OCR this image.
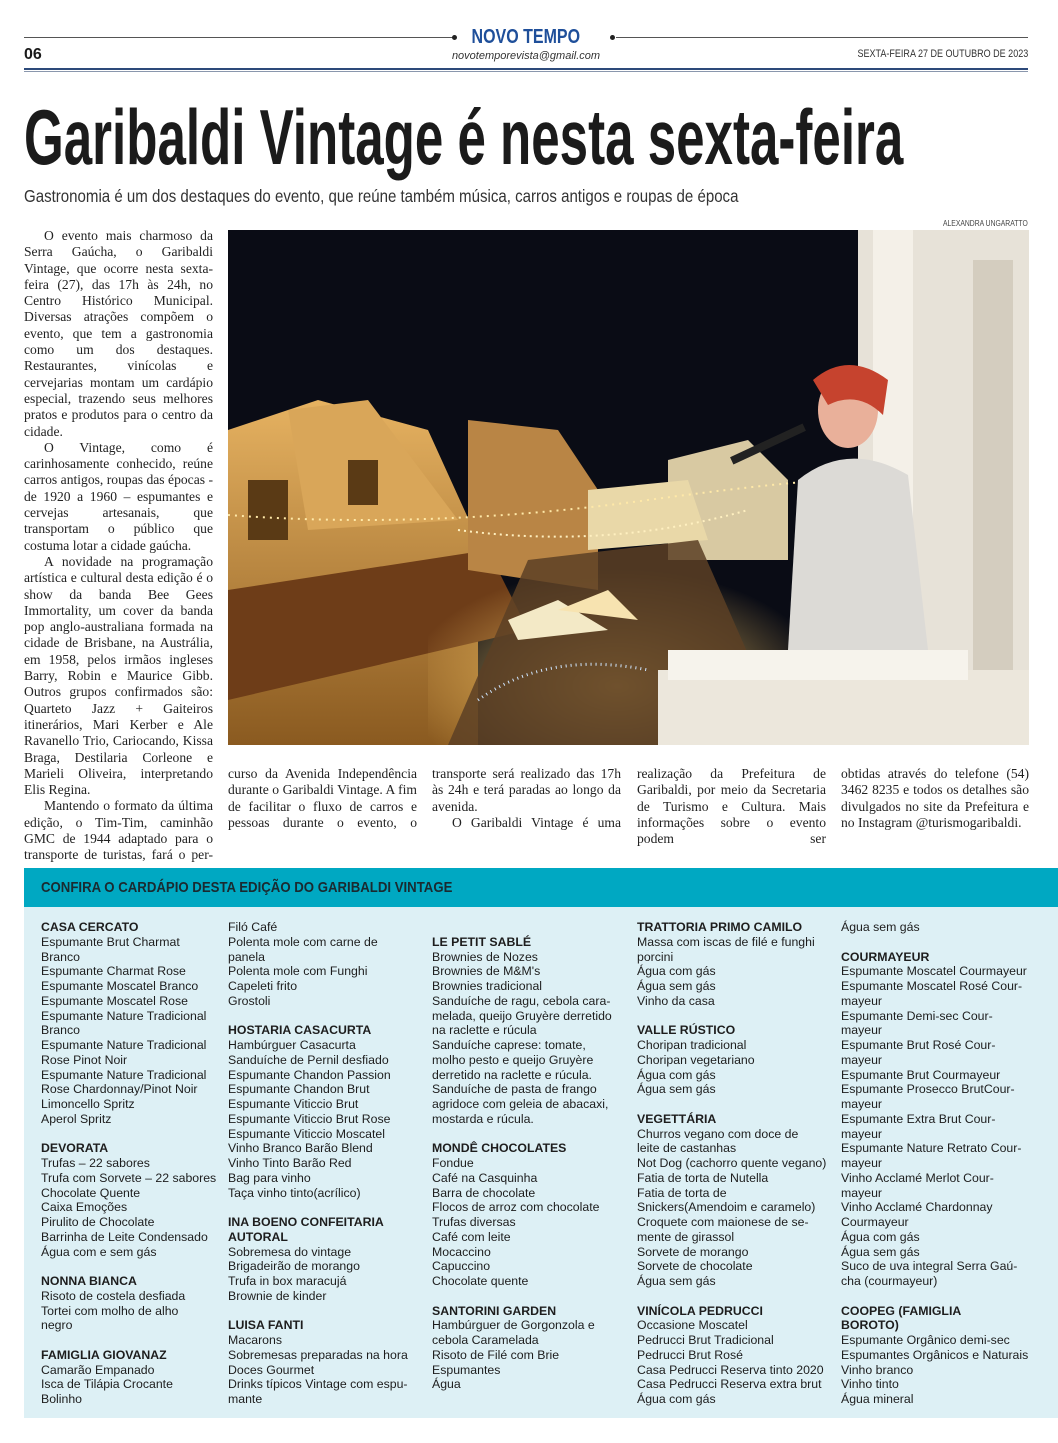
NOVO TEMPO
06	novotemporevista@gmail.com	SEXTA-FEIRA 27 DE OUTUBRO DE 2023
Garibaldi Vintage é nesta sexta-feira
Gastronomia é um dos destaques do evento, que reúne também música, carros antigos e roupas de época
ALEXANDRA UNGARATTO

O evento mais charmoso da Serra Gaúcha, o Garibaldi Vintage, que ocorre nesta sexta-feira (27), das 17h às 24h, no Centro Histórico Municipal. Diversas atrações compõem o evento, que tem a gastronomia como um dos destaques. Restaurantes, vinícolas e cervejarias montam um cardápio especial, trazendo seus melhores pratos e produtos para o centro da cidade.

O Vintage, como é carinhosamente conhecido, reúne carros antigos, roupas das épocas - de 1920 a 1960 – espumantes e cervejas artesanais, que transportam o público que costuma lotar a cidade gaúcha.

A novidade na programação artística e cultural desta edição é o show da banda Bee Gees Immortality, um cover da banda pop anglo-australiana formada na cidade de Brisbane, na Austrália, em 1958, pelos irmãos ingleses Barry, Robin e Maurice Gibb. Outros grupos confirmados são: Quarteto Jazz + Gaiteiros itinerários, Mari Kerber e Ale Ravanello Trio, Cariocando, Kissa Braga, Destilaria Corleone e Marieli Oliveira, interpretando Elis Regina.

Mantendo o formato da última edição, o Tim-Tim, caminhão GMC de 1944 adaptado para o transporte de turistas, fará o per-

curso da Avenida Independência durante o Garibaldi Vintage. A fim de facilitar o fluxo de carros e pessoas durante o evento, o

transporte será realizado das 17h às 24h e terá paradas ao longo da avenida.

O Garibaldi Vintage é uma

realização da Prefeitura de Garibaldi, por meio da Secretaria de Turismo e Cultura. Mais informações sobre o evento podem ser

obtidas através do telefone (54) 3462 8235 e todos os detalhes são divulgados no site da Prefeitura e no Instagram @turismogaribaldi.

CONFIRA O CARDÁPIO DESTA EDIÇÃO DO GARIBALDI VINTAGE
CASA CERCATO
Espumante Brut Charmat
Branco
Espumante Charmat Rose
Espumante Moscatel Branco
Espumante Moscatel Rose
Espumante Nature Tradicional
Branco
Espumante Nature Tradicional
Rose Pinot Noir
Espumante Nature Tradicional
Rose Chardonnay/Pinot Noir
Limoncello Spritz
Aperol Spritz
DEVORATA
Trufas – 22 sabores
Trufa com Sorvete – 22 sabores
Chocolate Quente
Caixa Emoções
Pirulito de Chocolate
Barrinha de Leite Condensado
Água com e sem gás
NONNA BIANCA
Risoto de costela desfiada
Tortei com molho de alho
negro
FAMIGLIA GIOVANAZ
Camarão Empanado
Isca de Tilápia Crocante
Bolinho
Filó Café
Polenta mole com carne de
panela
Polenta mole com Funghi
Capeleti frito
Grostoli
HOSTARIA CASACURTA
Hambúrguer Casacurta
Sanduíche de Pernil desfiado
Espumante Chandon Passion
Espumante Chandon Brut
Espumante Viticcio Brut
Espumante Viticcio Brut Rose
Espumante Viticcio Moscatel
Vinho Branco Barão Blend
Vinho Tinto Barão Red
Bag para vinho
Taça vinho tinto(acrílico)
INA BOENO CONFEITARIA AUTORAL
Sobremesa do vintage
Brigadeirão de morango
Trufa in box maracujá
Brownie de kinder
LUISA FANTI
Macarons
Sobremesas preparadas na hora
Doces Gourmet
Drinks típicos Vintage com espu-
mante
LE PETIT SABLÉ
Brownies de Nozes
Brownies de M&M's
Brownies tradicional
Sanduíche de ragu, cebola cara-
melada, queijo Gruyère derretido
na raclette e rúcula
Sanduíche caprese: tomate,
molho pesto e queijo Gruyère
derretido na raclette e rúcula.
Sanduíche de pasta de frango
agridoce com geleia de abacaxi,
mostarda e rúcula.
MONDÊ CHOCOLATES
Fondue
Café na Casquinha
Barra de chocolate
Flocos de arroz com chocolate
Trufas diversas
Café com leite
Mocaccino
Capuccino
Chocolate quente
SANTORINI GARDEN
Hambúrguer de Gorgonzola e
cebola Caramelada
Risoto de Filé com Brie
Espumantes
Água
TRATTORIA PRIMO CAMILO
Massa com iscas de filé e funghi
porcini
Água com gás
Água sem gás
Vinho da casa
VALLE RÚSTICO
Choripan tradicional
Choripan vegetariano
Água com gás
Água sem gás
VEGETTÁRIA
Churros vegano com doce de
leite de castanhas
Not Dog (cachorro quente vegano)
Fatia de torta de Nutella
Fatia de torta de
Snickers(Amendoim e caramelo)
Croquete com maionese de se-
mente de girassol
Sorvete de morango
Sorvete de chocolate
Água sem gás
VINÍCOLA PEDRUCCI
Occasione Moscatel
Pedrucci Brut Tradicional
Pedrucci Brut Rosé
Casa Pedrucci Reserva tinto 2020
Casa Pedrucci Reserva extra brut
Água com gás
Água sem gás
COURMAYEUR
Espumante Moscatel Courmayeur
Espumante Moscatel Rosé Cour-
mayeur
Espumante Demi-sec Cour-
mayeur
Espumante Brut Rosé Cour-
mayeur
Espumante Brut Courmayeur
Espumante Prosecco BrutCour-
mayeur
Espumante Extra Brut Cour-
mayeur
Espumante Nature Retrato Cour-
mayeur
Vinho Acclamé Merlot Cour-
mayeur
Vinho Acclamé Chardonnay
Courmayeur
Água com gás
Água sem gás
Suco de uva integral Serra Gaú-
cha (courmayeur)
COOPEG (FAMIGLIA BOROTO)
Espumante Orgânico demi-sec
Espumantes Orgânicos e Naturais
Vinho branco
Vinho tinto
Água mineral
